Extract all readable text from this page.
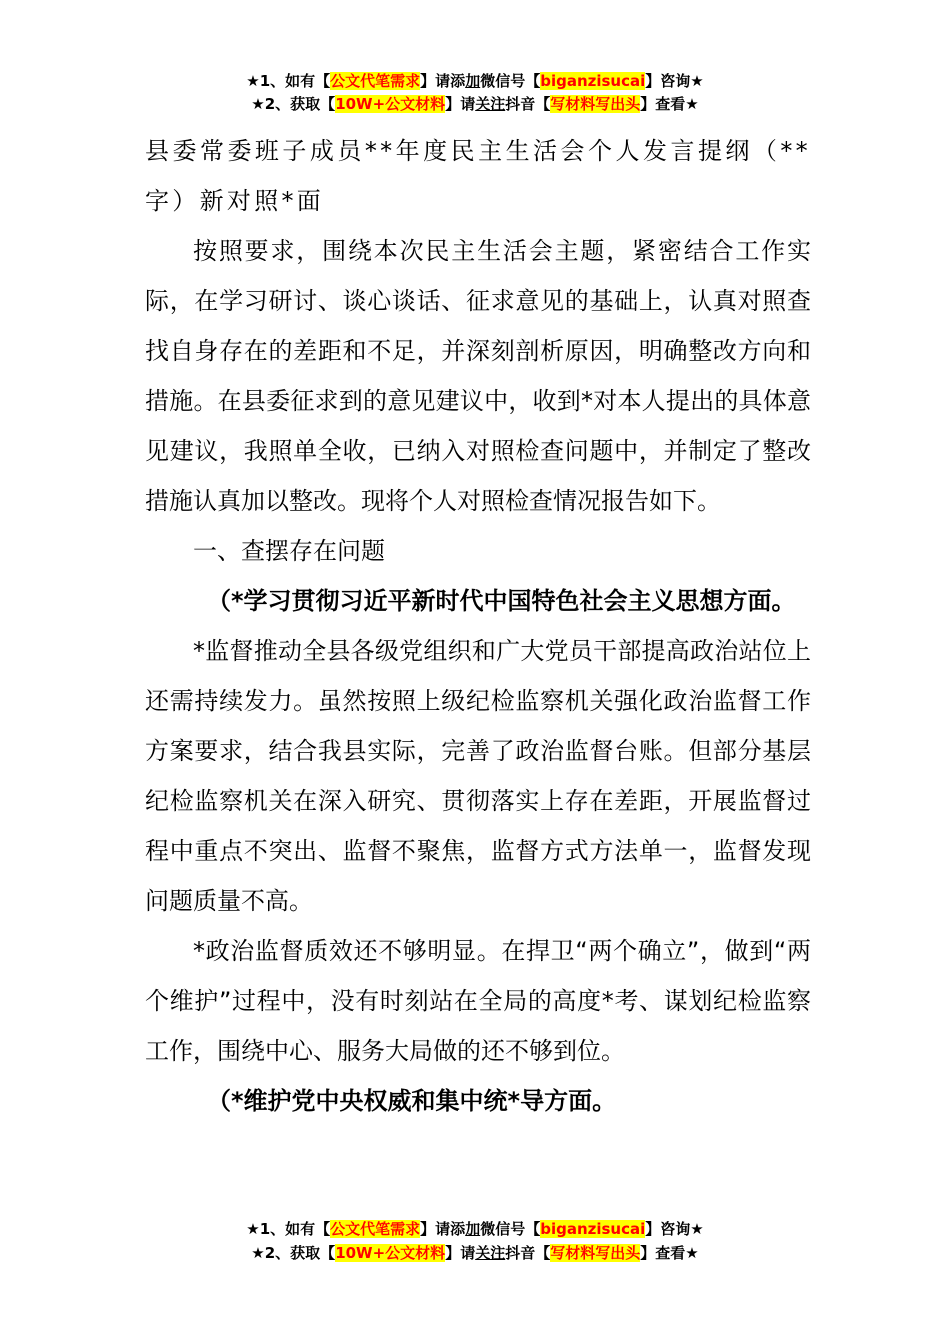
★1、如有【公文代笔需求】请添加微信号【biganzisucai】咨询★
★2、获取【10W+公文材料】请关注抖音【写材料写出头】查看★

县委常委班子成员**年度民主生活会个人发言提纲（**字）新对照*面

按照要求，围绕本次民主生活会主题，紧密结合工作实际，在学习研讨、谈心谈话、征求意见的基础上，认真对照查找自身存在的差距和不足，并深刻剖析原因，明确整改方向和措施。在县委征求到的意见建议中，收到*对本人提出的具体意见建议，我照单全收，已纳入对照检查问题中，并制定了整改措施认真加以整改。现将个人对照检查情况报告如下。

一、查摆存在问题

（*学习贯彻习近平新时代中国特色社会主义思想方面。

*监督推动全县各级党组织和广大党员干部提高政治站位上还需持续发力。虽然按照上级纪检监察机关强化政治监督工作方案要求，结合我县实际，完善了政治监督台账。但部分基层纪检监察机关在深入研究、贯彻落实上存在差距，开展监督过程中重点不突出、监督不聚焦，监督方式方法单一，监督发现问题质量不高。

*政治监督质效还不够明显。在捍卫“两个确立”，做到“两个维护”过程中，没有时刻站在全局的高度*考、谋划纪检监察工作，围绕中心、服务大局做的还不够到位。

（*维护党中央权威和集中统*导方面。

★1、如有【公文代笔需求】请添加微信号【biganzisucai】咨询★
★2、获取【10W+公文材料】请关注抖音【写材料写出头】查看★
